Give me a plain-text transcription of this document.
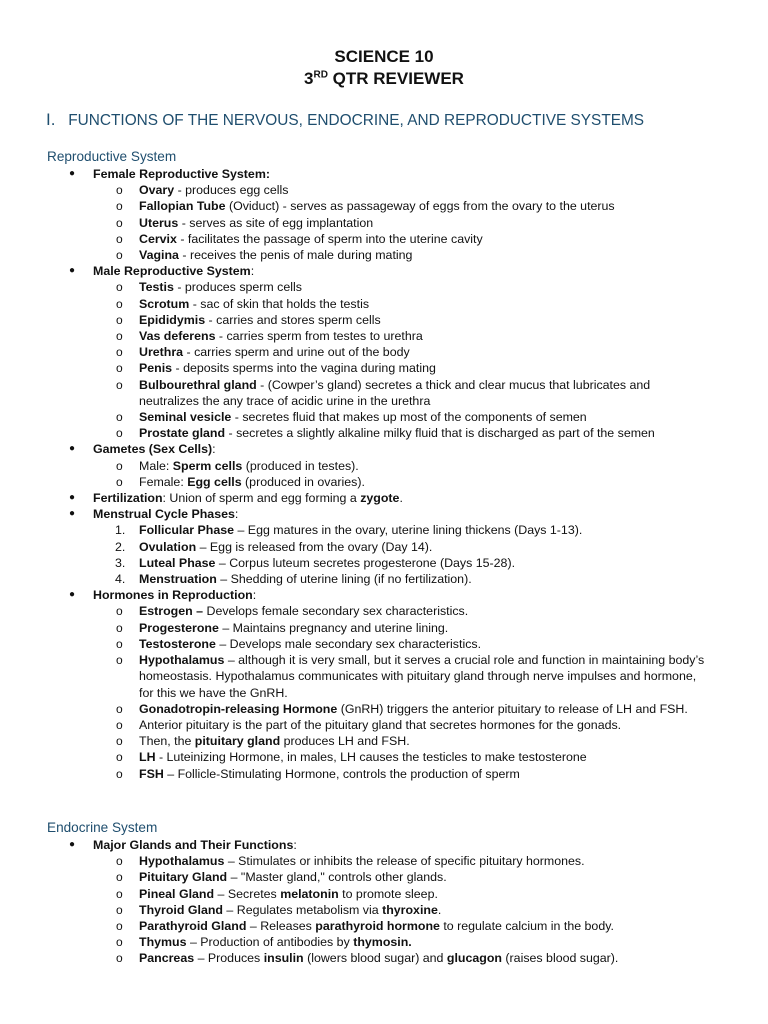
SCIENCE 10
3RD QTR REVIEWER
I. FUNCTIONS OF THE NERVOUS, ENDOCRINE, AND REPRODUCTIVE SYSTEMS
Reproductive System
● Female Reproductive System:
o Ovary - produces egg cells
o Fallopian Tube (Oviduct) - serves as passageway of eggs from the ovary to the uterus
o Uterus - serves as site of egg implantation
o Cervix - facilitates the passage of sperm into the uterine cavity
o Vagina - receives the penis of male during mating
● Male Reproductive System:
o Testis - produces sperm cells
o Scrotum - sac of skin that holds the testis
o Epididymis - carries and stores sperm cells
o Vas deferens - carries sperm from testes to urethra
o Urethra - carries sperm and urine out of the body
o Penis - deposits sperms into the vagina during mating
o Bulbourethral gland - (Cowper’s gland) secretes a thick and clear mucus that lubricates and neutralizes the any trace of acidic urine in the urethra
o Seminal vesicle - secretes fluid that makes up most of the components of semen
o Prostate gland - secretes a slightly alkaline milky fluid that is discharged as part of the semen
● Gametes (Sex Cells):
o Male: Sperm cells (produced in testes).
o Female: Egg cells (produced in ovaries).
● Fertilization: Union of sperm and egg forming a zygote.
● Menstrual Cycle Phases:
1. Follicular Phase – Egg matures in the ovary, uterine lining thickens (Days 1-13).
2. Ovulation – Egg is released from the ovary (Day 14).
3. Luteal Phase – Corpus luteum secretes progesterone (Days 15-28).
4. Menstruation – Shedding of uterine lining (if no fertilization).
● Hormones in Reproduction:
o Estrogen – Develops female secondary sex characteristics.
o Progesterone – Maintains pregnancy and uterine lining.
o Testosterone – Develops male secondary sex characteristics.
o Hypothalamus – although it is very small, but it serves a crucial role and function in maintaining body’s homeostasis. Hypothalamus communicates with pituitary gland through nerve impulses and hormone, for this we have the GnRH.
o Gonadotropin-releasing Hormone (GnRH) triggers the anterior pituitary to release of LH and FSH.
o Anterior pituitary is the part of the pituitary gland that secretes hormones for the gonads.
o Then, the pituitary gland produces LH and FSH.
o LH - Luteinizing Hormone, in males, LH causes the testicles to make testosterone
o FSH – Follicle-Stimulating Hormone, controls the production of sperm
Endocrine System
● Major Glands and Their Functions:
o Hypothalamus – Stimulates or inhibits the release of specific pituitary hormones.
o Pituitary Gland – "Master gland," controls other glands.
o Pineal Gland – Secretes melatonin to promote sleep.
o Thyroid Gland – Regulates metabolism via thyroxine.
o Parathyroid Gland – Releases parathyroid hormone to regulate calcium in the body.
o Thymus – Production of antibodies by thymosin.
o Pancreas – Produces insulin (lowers blood sugar) and glucagon (raises blood sugar).
